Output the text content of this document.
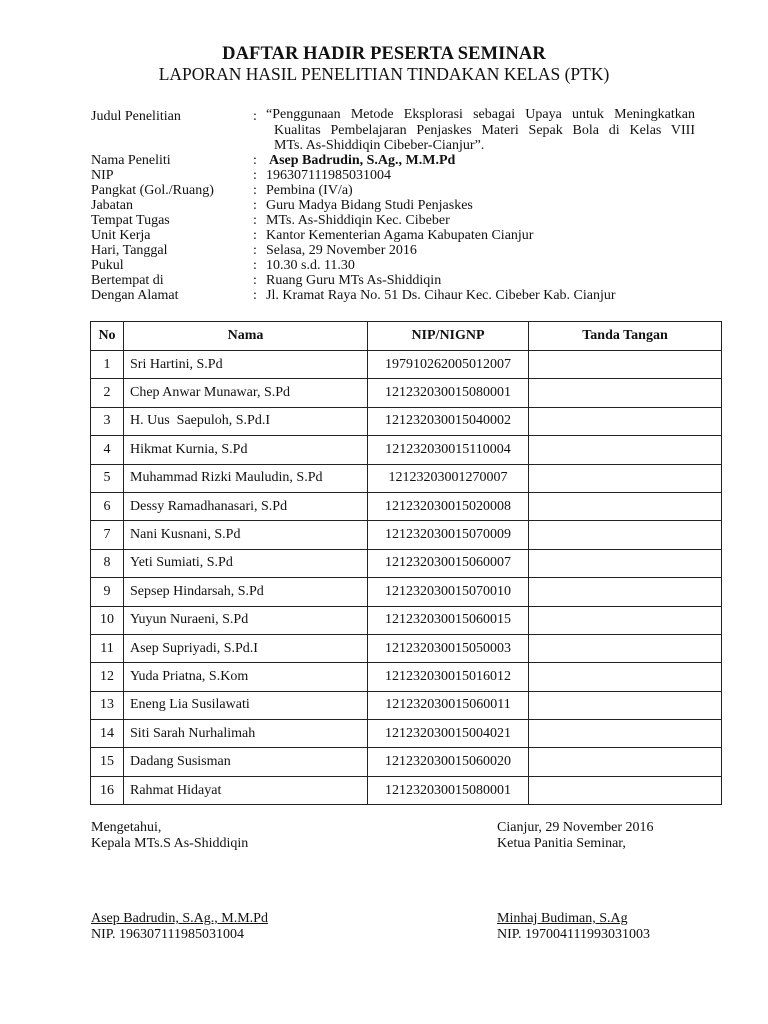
DAFTAR HADIR PESERTA SEMINAR
LAPORAN HASIL PENELITIAN TINDAKAN KELAS (PTK)
Judul Penelitian	: “Penggunaan Metode Eksplorasi sebagai Upaya untuk Meningkatkan
Kualitas Pembelajaran Penjaskes Materi Sepak Bola di Kelas VIII
MTs. As-Shiddiqin Cibeber-Cianjur”.
Nama Peneliti	: Asep Badrudin, S.Ag., M.M.Pd
NIP	: 196307111985031004
Pangkat (Gol./Ruang)	: Pembina (IV/a)
Jabatan	: Guru Madya Bidang Studi Penjaskes
Tempat Tugas	: MTs. As-Shiddiqin Kec. Cibeber
Unit Kerja	: Kantor Kementerian Agama Kabupaten Cianjur
Hari, Tanggal	: Selasa, 29 November 2016
Pukul	: 10.30 s.d. 11.30
Bertempat di	: Ruang Guru MTs As-Shiddiqin
Dengan Alamat	: Jl. Kramat Raya No. 51 Ds. Cihaur Kec. Cibeber Kab. Cianjur
No	Nama	NIP/NIGNP	Tanda Tangan
1	Sri Hartini, S.Pd	197910262005012007	
2	Chep Anwar Munawar, S.Pd	121232030015080001	
3	H. Uus  Saepuloh, S.Pd.I	121232030015040002	
4	Hikmat Kurnia, S.Pd	121232030015110004	
5	Muhammad Rizki Mauludin, S.Pd	12123203001270007	
6	Dessy Ramadhanasari, S.Pd	121232030015020008	
7	Nani Kusnani, S.Pd	121232030015070009	
8	Yeti Sumiati, S.Pd	121232030015060007	
9	Sepsep Hindarsah, S.Pd	121232030015070010	
10	Yuyun Nuraeni, S.Pd	121232030015060015	
11	Asep Supriyadi, S.Pd.I	121232030015050003	
12	Yuda Priatna, S.Kom	121232030015016012	
13	Eneng Lia Susilawati	121232030015060011	
14	Siti Sarah Nurhalimah	121232030015004021	
15	Dadang Susisman	121232030015060020	
16	Rahmat Hidayat	121232030015080001	
Mengetahui,
Kepala MTs.S As-Shiddiqin
Asep Badrudin, S.Ag., M.M.Pd
NIP. 196307111985031004
Cianjur, 29 November 2016
Ketua Panitia Seminar,
Minhaj Budiman, S.Ag
NIP. 197004111993031003
